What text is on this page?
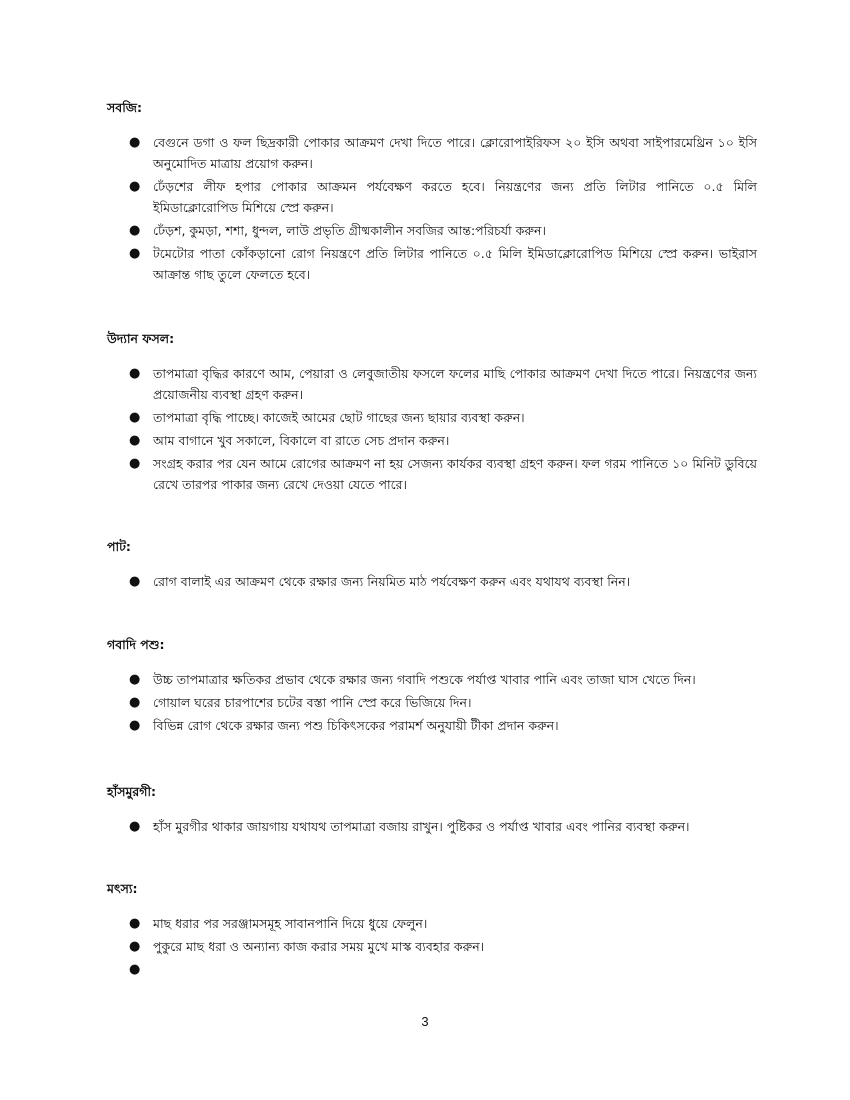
সবজি:

● বেগুনে ডগা ও ফল ছিদ্রকারী পোকার আক্রমণ দেখা দিতে পারে। ক্লোরোপাইরিফস ২০ ইসি অথবা সাইপারমেথ্রিন ১০ ইসি অনুমোদিত মাত্রায় প্রয়োগ করুন।
● ঢেঁড়শের লীফ হপার পোকার আক্রমন পর্যবেক্ষণ করতে হবে। নিয়ন্ত্রণের জন্য প্রতি লিটার পানিতে ০.৫ মিলি ইমিডাক্লোরোপিড মিশিয়ে স্প্রে করুন।
● ঢেঁড়শ, কুমড়া, শশা, ধুন্দল, লাউ প্রভৃতি গ্রীষ্মকালীন সবজির আন্ত:পরিচর্যা করুন।
● টমেটোর পাতা কোঁকড়ানো রোগ নিয়ন্ত্রণে প্রতি লিটার পানিতে ০.৫ মিলি ইমিডাক্লোরোপিড মিশিয়ে স্প্রে করুন। ভাইরাস আক্রান্ত গাছ তুলে ফেলতে হবে।

উদ্যান ফসল:

● তাপমাত্রা বৃদ্ধির কারণে আম, পেয়ারা ও লেবুজাতীয় ফসলে ফলের মাছি পোকার আক্রমণ দেখা দিতে পারে। নিয়ন্ত্রণের জন্য প্রয়োজনীয় ব্যবস্থা গ্রহণ করুন।
● তাপমাত্রা বৃদ্ধি পাচ্ছে। কাজেই আমের ছোট গাছের জন্য ছায়ার ব্যবস্থা করুন।
● আম বাগানে খুব সকালে, বিকালে বা রাতে সেচ প্রদান করুন।
● সংগ্রহ করার পর যেন আমে রোগের আক্রমণ না হয় সেজন্য কার্যকর ব্যবস্থা গ্রহণ করুন। ফল গরম পানিতে ১০ মিনিট ডুবিয়ে রেখে তারপর পাকার জন্য রেখে দেওয়া যেতে পারে।

পাট:

● রোগ বালাই এর আক্রমণ থেকে রক্ষার জন্য নিয়মিত মাঠ পর্যবেক্ষণ করুন এবং যথাযথ ব্যবস্থা নিন।

গবাদি পশু:

● উচ্চ তাপমাত্রার ক্ষতিকর প্রভাব থেকে রক্ষার জন্য গবাদি পশুকে পর্যাপ্ত খাবার পানি এবং তাজা ঘাস খেতে দিন।
● গোয়াল ঘরের চারপাশের চটের বস্তা পানি স্প্রে করে ভিজিয়ে দিন।
● বিভিন্ন রোগ থেকে রক্ষার জন্য পশু চিকিৎসকের পরামর্শ অনুযায়ী টীকা প্রদান করুন।

হাঁসমুরগী:

● হাঁস মুরগীর থাকার জায়গায় যথাযথ তাপমাত্রা বজায় রাখুন। পুষ্টিকর ও পর্যাপ্ত খাবার এবং পানির ব্যবস্থা করুন।

মৎস্য:

● মাছ ধরার পর সরঞ্জামসমূহ সাবানপানি দিয়ে ধুয়ে ফেলুন।
● পুকুরে মাছ ধরা ও অন্যান্য কাজ করার সময় মুখে মাস্ক ব্যবহার করুন।
●
3
